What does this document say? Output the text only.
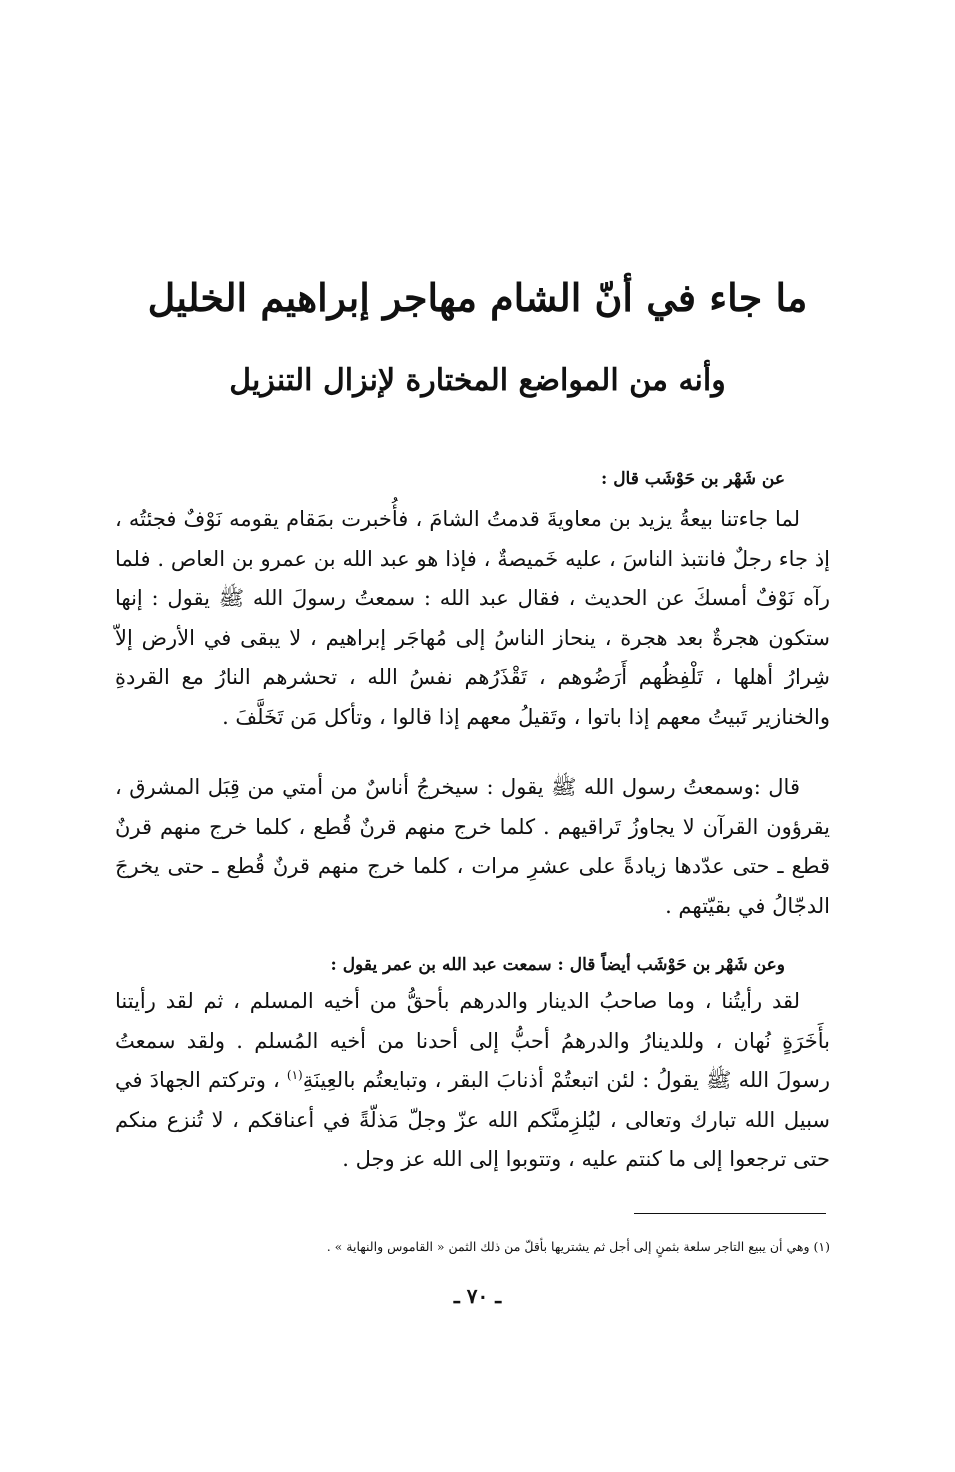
ما جاء في أنّ الشام مهاجر إبراهيم الخليل
وأنه من المواضع المختارة لإنزال التنزيل
عن شَهْر بن حَوْشَب قال :

لما جاءتنا بيعةُ يزيد بن معاويةَ قدمتُ الشامَ ، فأُخبرت بمَقام يقومه نَوْفٌ فجئتُه ، إذ جاء رجلٌ فانتبذ الناسَ ، عليه خَميصةٌ ، فإذا هو عبد الله بن عمرو بن العاص . فلما رآه نَوْفٌ أمسكَ عن الحديث ، فقال عبد الله : سمعتُ رسولَ الله ﷺ يقول : إنها ستكون هجرةٌ بعد هجرة ، ينحاز الناسُ إلى مُهاجَر إبراهيم ، لا يبقى في الأرض إلاّ شِرارُ أهلها ، تَلْفِظُهم أَرَضُوهم ، تَقْذَرُهم نفسُ الله ، تحشرهم النارُ مع القردةِ والخنازير تَبيتُ معهم إذا باتوا ، وتَقيلُ معهم إذا قالوا ، وتأكل مَن تَخَلَّفَ .

قال :وسمعتُ رسول الله ﷺ يقول : سيخرجُ أناسٌ من أمتي من قِبَل المشرق ، يقرؤون القرآن لا يجاوزُ تَراقيهم . كلما خرج منهم قرنٌ قُطع ، كلما خرج منهم قرنٌ قطع ـ حتى عدّدها زيادةً على عشرِ مرات ، كلما خرج منهم قرنٌ قُطع ـ حتى يخرجَ الدجّالُ في بقيّتهم .

وعن شَهْر بن حَوْشَب أيضاً قال : سمعت عبد الله بن عمر يقول :

لقد رأيتُنا ، وما صاحبُ الدينار والدرهم بأحقُّ من أخيه المسلم ، ثم لقد رأيتنا بأَخَرَةٍ نُهان ، وللدينارُ والدرهمُ أحبُّ إلى أحدنا من أخيه المُسلم . ولقد سمعتُ رسولَ الله ﷺ يقولُ : لئن اتبعتُمْ أذنابَ البقر ، وتبايعتُم بالعِينَةِ$^{(١)}$ ، وتركتم الجهادَ في سبيل الله تبارك وتعالى ، ليُلزِمنَّكم الله عزّ وجلّ مَذلّةً في أعناقكم ، لا تُنزع منكم حتى ترجعوا إلى ما كنتم عليه ، وتتوبوا إلى الله عز وجل .

(١) وهي أن يبيع التاجر سلعة بثمنٍ إلى أجل ثم يشتريها بأقلّ من ذلك الثمن « القاموس والنهاية » .
ـ ٧٠ ـ
